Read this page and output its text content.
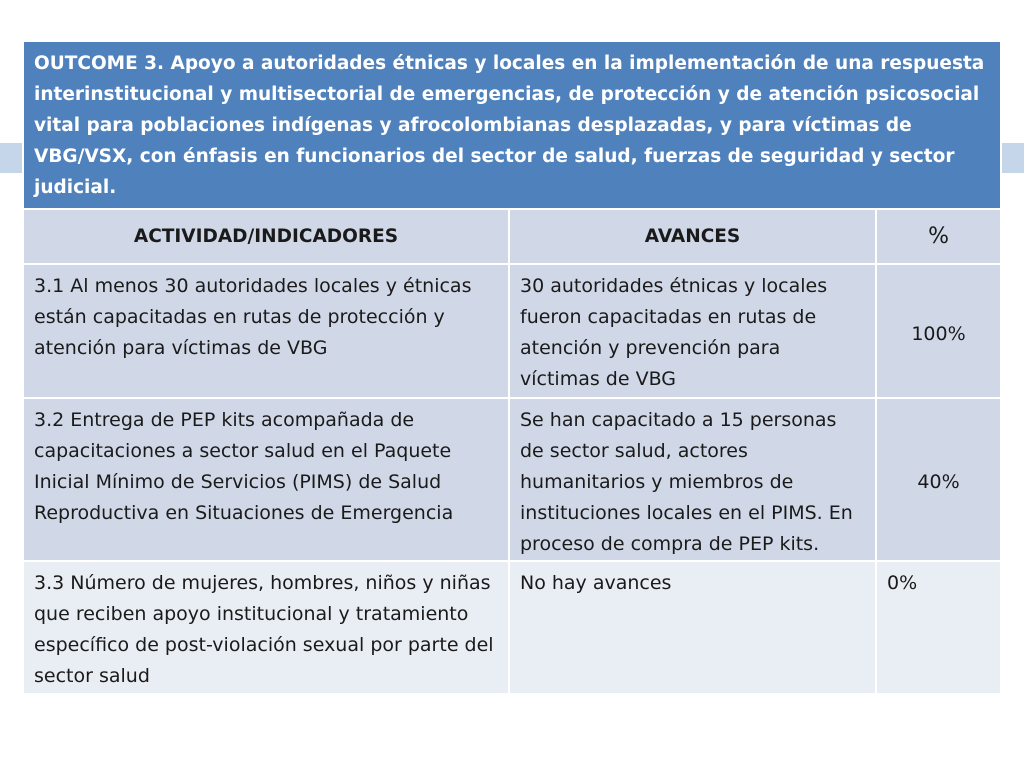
OUTCOME 3. Apoyo a autoridades étnicas y locales en la implementación de una respuesta interinstitucional y multisectorial de emergencias, de protección y de atención psicosocial vital para poblaciones indígenas y afrocolombianas desplazadas, y para víctimas de VBG/VSX, con énfasis en funcionarios del sector de salud, fuerzas de seguridad y sector judicial.		
ACTIVIDAD/INDICADORES	AVANCES	%
3.1 Al menos 30 autoridades locales y étnicas están capacitadas en rutas de protección y atención para víctimas de VBG	30 autoridades étnicas y locales fueron capacitadas en rutas de atención y prevención para víctimas de VBG	100%
3.2 Entrega de PEP kits acompañada de capacitaciones a sector salud en el Paquete Inicial Mínimo de Servicios (PIMS) de Salud Reproductiva en Situaciones de Emergencia	Se han capacitado a 15 personas de sector salud, actores humanitarios y miembros de instituciones locales en el PIMS. En proceso de compra de PEP kits.	40%
3.3 Número de mujeres, hombres, niños y niñas que reciben apoyo institucional y tratamiento específico de post-violación sexual por parte del sector salud	No hay avances	0%
